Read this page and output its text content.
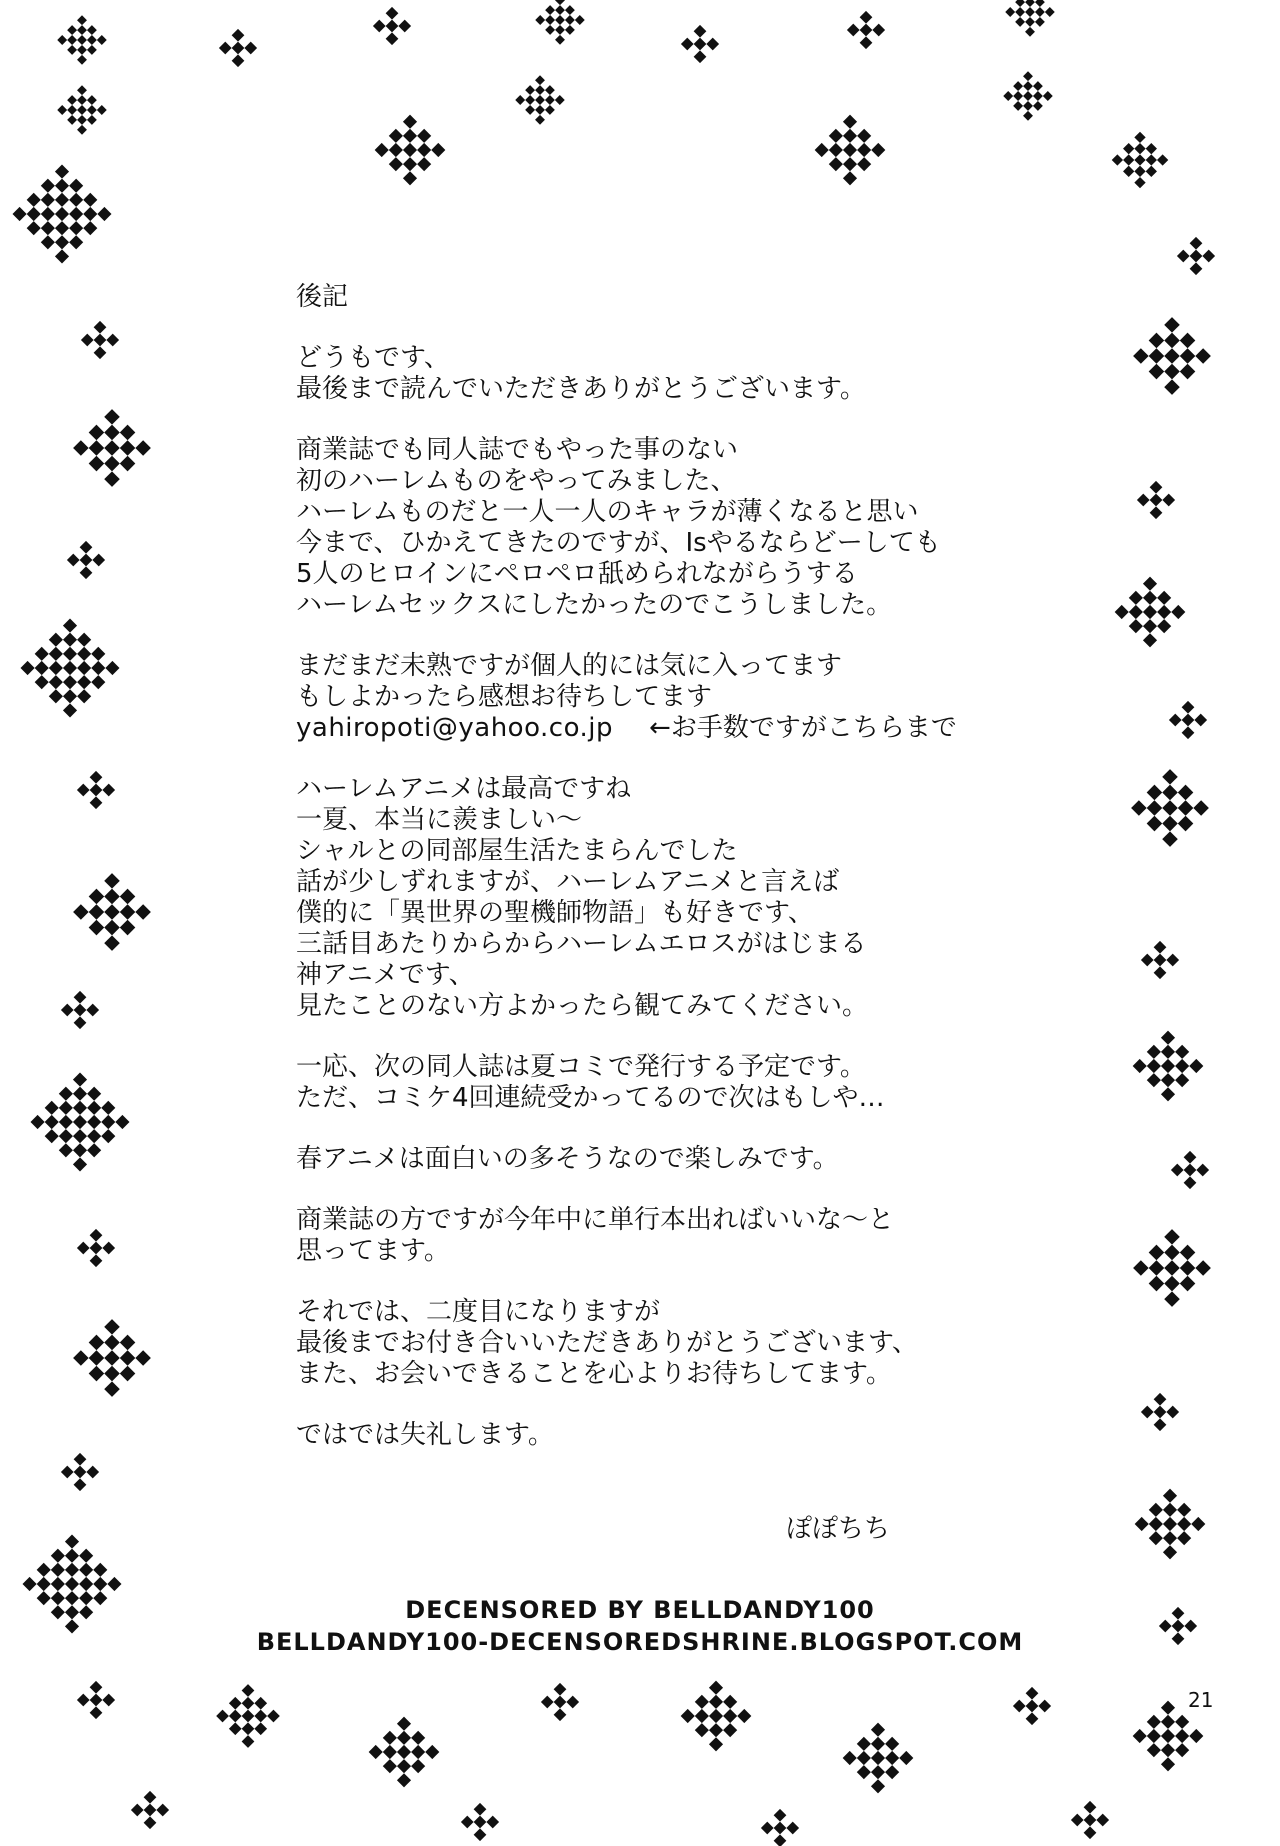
後記
どうもです、
最後まで読んでいただきありがとうございます。
商業誌でも同人誌でもやった事のない
初のハーレムものをやってみました、
ハーレムものだと一人一人のキャラが薄くなると思い
今まで、ひかえてきたのですが、Isやるならどーしても
5人のヒロインにペロペロ舐められながらうする
ハーレムセックスにしたかったのでこうしました。
まだまだ未熟ですが個人的には気に入ってます
もしよかったら感想お待ちしてます
yahiropoti@yahoo.co.jp ←お手数ですがこちらまで
ハーレムアニメは最高ですね
一夏、本当に羨ましい～
シャルとの同部屋生活たまらんでした
話が少しずれますが、ハーレムアニメと言えば
僕的に「異世界の聖機師物語」も好きです、
三話目あたりからからハーレムエロスがはじまる
神アニメです、
見たことのない方よかったら観てみてください。
一応、次の同人誌は夏コミで発行する予定です。
ただ、コミケ4回連続受かってるので次はもしや…
春アニメは面白いの多そうなので楽しみです。
商業誌の方ですが今年中に単行本出ればいいな～と
思ってます。
それでは、二度目になりますが
最後までお付き合いいただきありがとうございます、
また、お会いできることを心よりお待ちしてます。
ではでは失礼します。
ぽぽちち
DECENSORED BY BELLDANDY100
BELLDANDY100-DECENSOREDSHRINE.BLOGSPOT.COM
21
